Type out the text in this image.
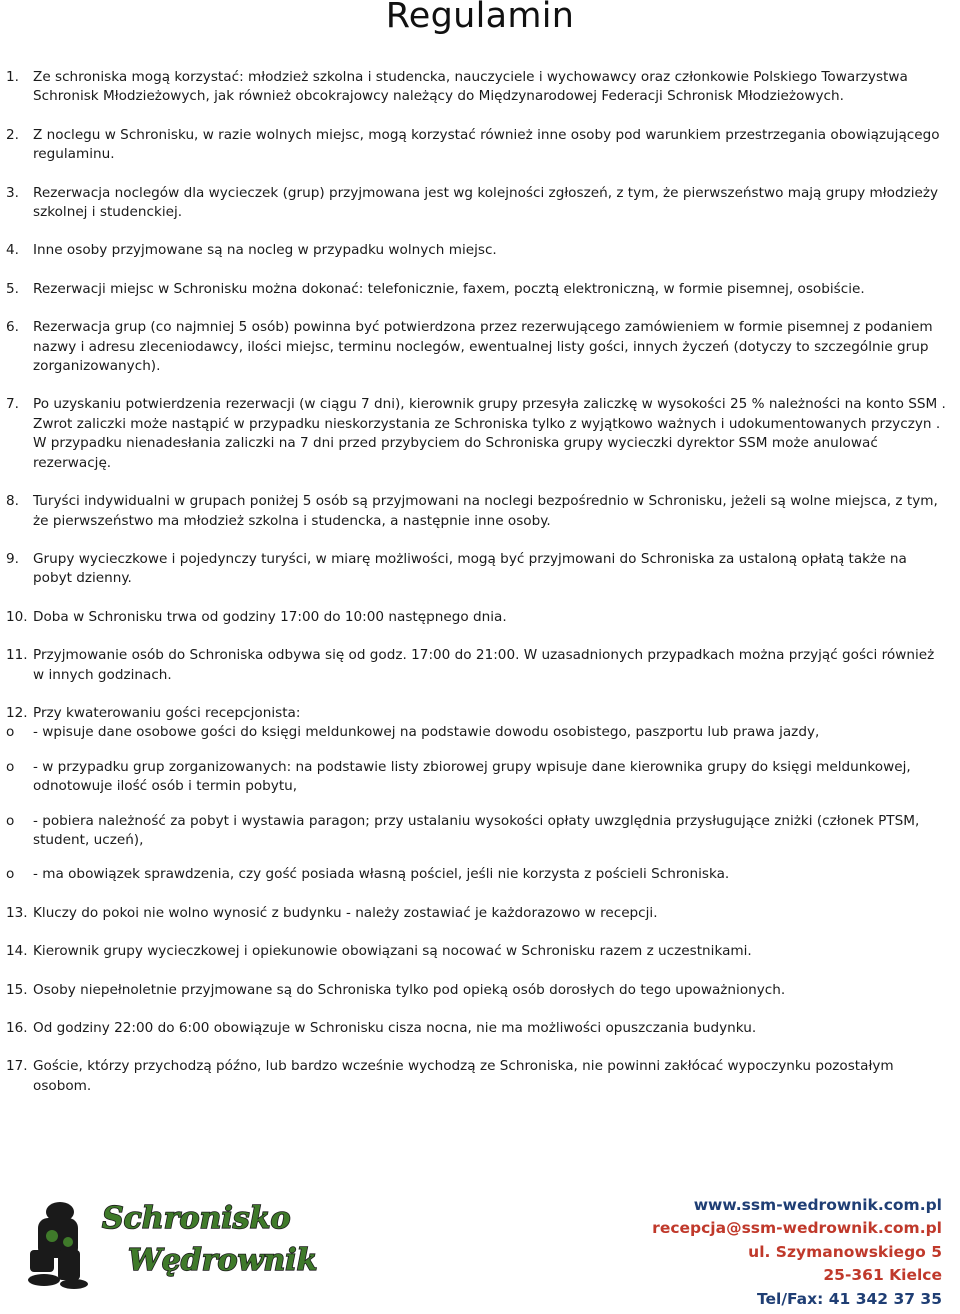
Regulamin
1.	Ze schroniska mogą korzystać: młodzież szkolna i studencka, nauczyciele i wychowawcy oraz członkowie Polskiego Towarzystwa Schronisk Młodzieżowych, jak również obcokrajowcy należący do Międzynarodowej Federacji Schronisk Młodzieżowych.
2.	Z noclegu w Schronisku, w razie wolnych miejsc, mogą korzystać również inne osoby pod warunkiem przestrzegania obowiązującego regulaminu.
3.	Rezerwacja noclegów dla wycieczek (grup) przyjmowana jest wg kolejności zgłoszeń, z tym, że pierwszeństwo mają grupy młodzieży szkolnej i studenckiej.
4.	Inne osoby przyjmowane są na nocleg w przypadku wolnych miejsc.
5.	Rezerwacji miejsc w Schronisku można dokonać: telefonicznie, faxem, pocztą elektroniczną, w formie pisemnej, osobiście.
6.	Rezerwacja grup (co najmniej 5 osób) powinna być potwierdzona przez rezerwującego zamówieniem w formie pisemnej z podaniem nazwy i adresu zleceniodawcy, ilości miejsc, terminu noclegów, ewentualnej listy gości, innych życzeń (dotyczy to szczególnie grup zorganizowanych).
7.	Po uzyskaniu potwierdzenia rezerwacji (w ciągu 7 dni), kierownik grupy przesyła zaliczkę w wysokości 25 % należności na konto SSM . Zwrot zaliczki może nastąpić w przypadku nieskorzystania ze Schroniska tylko z wyjątkowo ważnych i udokumentowanych przyczyn . W przypadku nienadesłania zaliczki na 7 dni przed przybyciem do Schroniska grupy wycieczki dyrektor SSM może anulować rezerwację.
8.	Turyści indywidualni w grupach poniżej 5 osób są przyjmowani na noclegi bezpośrednio w Schronisku, jeżeli są wolne miejsca, z tym, że pierwszeństwo ma młodzież szkolna i studencka, a następnie inne osoby.
9.	Grupy wycieczkowe i pojedynczy turyści, w miarę możliwości, mogą być przyjmowani do Schroniska za ustaloną opłatą także na pobyt dzienny.
10. Doba w Schronisku trwa od godziny 17:00 do 10:00 następnego dnia.
11. Przyjmowanie osób do Schroniska odbywa się od godz. 17:00 do 21:00. W uzasadnionych przypadkach można przyjąć gości również w innych godzinach.
12. Przy kwaterowaniu gości recepcjonista:
o	- wpisuje dane osobowe gości do księgi meldunkowej na podstawie dowodu osobistego, paszportu lub prawa jazdy,
o	- w przypadku grup zorganizowanych: na podstawie listy zbiorowej grupy wpisuje dane kierownika grupy do księgi meldunkowej, odnotowuje ilość osób i termin pobytu,
o	- pobiera należność za pobyt i wystawia paragon; przy ustalaniu wysokości opłaty uwzględnia przysługujące zniżki (członek PTSM, student, uczeń),
o	- ma obowiązek sprawdzenia, czy gość posiada własną pościel, jeśli nie korzysta z pościeli Schroniska.
13. Kluczy do pokoi nie wolno wynosić z budynku - należy zostawiać je każdorazowo w recepcji.
14. Kierownik grupy wycieczkowej i opiekunowie obowiązani są nocować w Schronisku razem z uczestnikami.
15. Osoby niepełnoletnie przyjmowane są do Schroniska tylko pod opieką osób dorosłych do tego upoważnionych.
16. Od godziny 22:00 do 6:00 obowiązuje w Schronisku cisza nocna, nie ma możliwości opuszczania budynku.
17. Goście, którzy przychodzą późno, lub bardzo wcześnie wychodzą ze Schroniska, nie powinni zakłócać wypoczynku pozostałym osobom.
Schronisko
Wędrownik
www.ssm-wedrownik.com.pl
recepcja@ssm-wedrownik.com.pl
ul. Szymanowskiego 5
25-361 Kielce
Tel/Fax: 41 342 37 35
